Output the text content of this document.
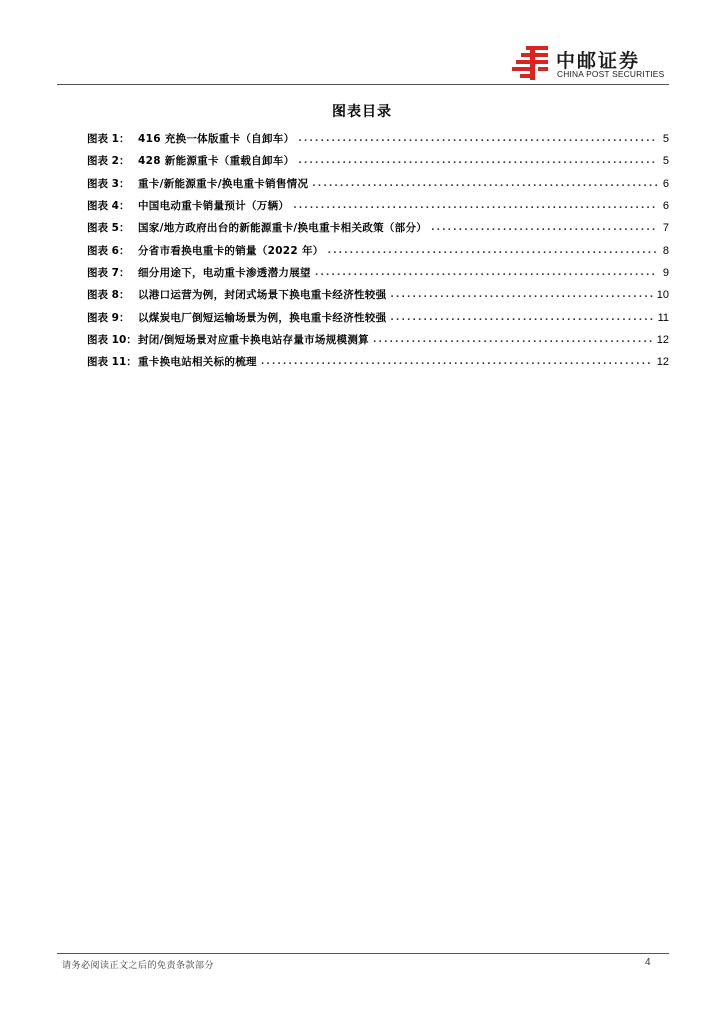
中邮证券
CHINA POST SECURITIES
图表目录
图表 1： 416 充换一体版重卡（自卸车） .....	5
图表 2： 428 新能源重卡（重载自卸车） .....	5
图表 3： 重卡/新能源重卡/换电重卡销售情况 .....	6
图表 4： 中国电动重卡销量预计（万辆） .....	6
图表 5： 国家/地方政府出台的新能源重卡/换电重卡相关政策（部分） .....	7
图表 6： 分省市看换电重卡的销量（2022 年） .....	8
图表 7： 细分用途下，电动重卡渗透潜力展望 .....	9
图表 8： 以港口运营为例，封闭式场景下换电重卡经济性较强 .....	10
图表 9： 以煤炭电厂倒短运输场景为例，换电重卡经济性较强 .....	11
图表 10： 封闭/倒短场景对应重卡换电站存量市场规模测算 .....	12
图表 11： 重卡换电站相关标的梳理 .....	12
请务必阅读正文之后的免责条款部分	4
